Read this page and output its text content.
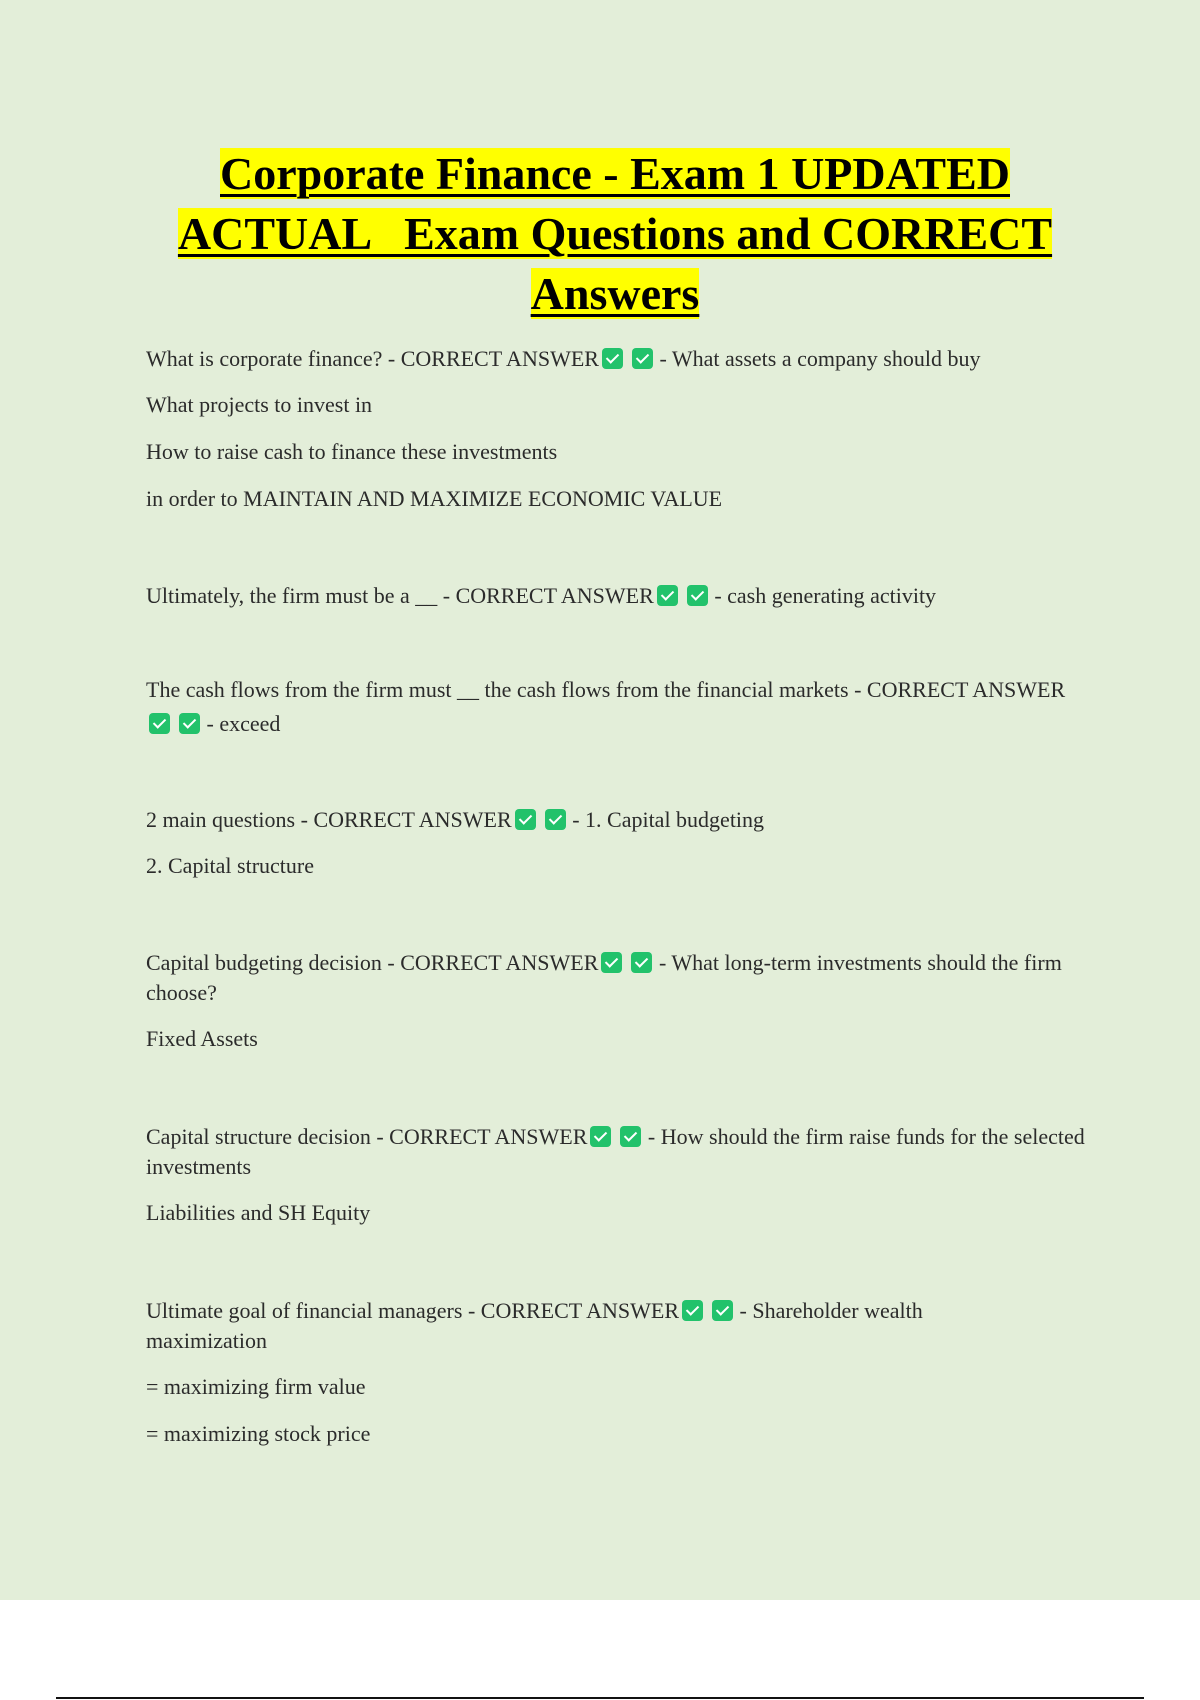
Corporate Finance - Exam 1 UPDATED
ACTUAL   Exam Questions and CORRECT
Answers

What is corporate finance? - CORRECT ANSWER	- What assets a company should buy

What projects to invest in

How to raise cash to finance these investments

in order to MAINTAIN AND MAXIMIZE ECONOMIC VALUE

Ultimately, the firm must be a __ - CORRECT ANSWER	- cash generating activity

The cash flows from the firm must __ the cash flows from the financial markets - CORRECT ANSWER - exceed

2 main questions - CORRECT ANSWER	- 1. Capital budgeting

2. Capital structure

Capital budgeting decision - CORRECT ANSWER	- What long-term investments should the firm choose?

Fixed Assets

Capital structure decision - CORRECT ANSWER	- How should the firm raise funds for the selected investments

Liabilities and SH Equity

Ultimate goal of financial managers - CORRECT ANSWER	- Shareholder wealth maximization

= maximizing firm value

= maximizing stock price
